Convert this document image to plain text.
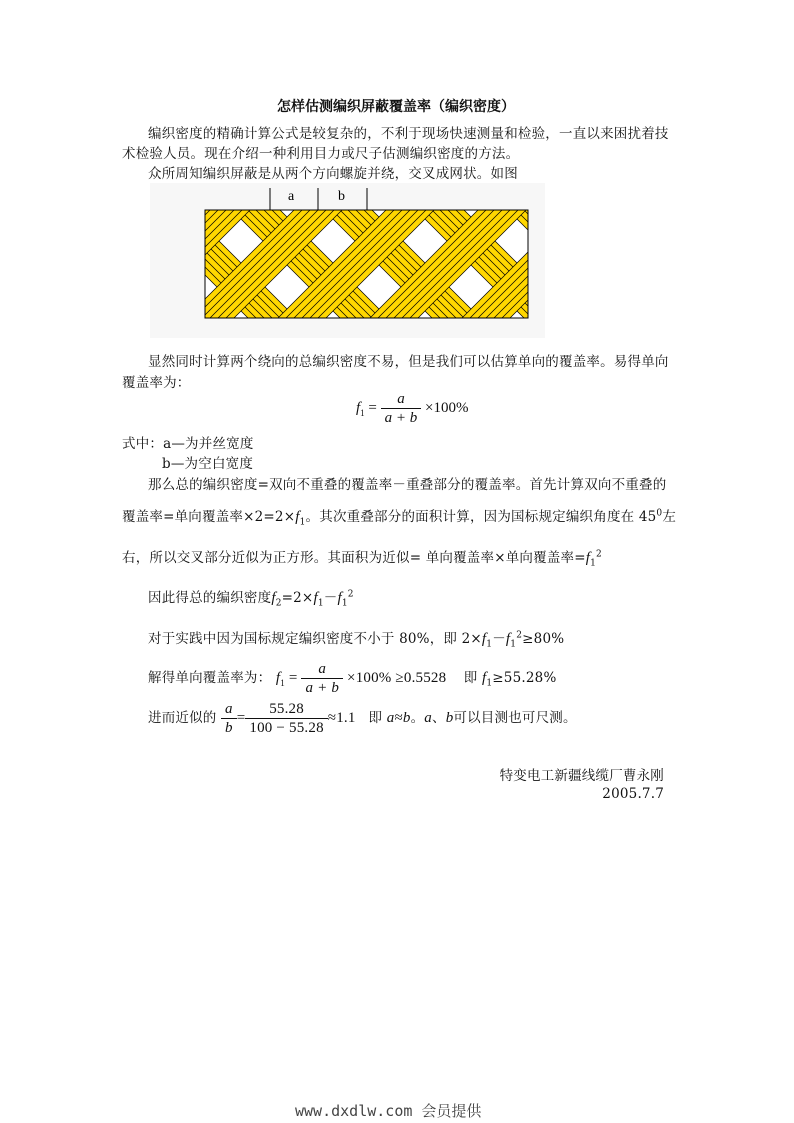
怎样估测编织屏蔽覆盖率（编织密度）
编织密度的精确计算公式是较复杂的，不利于现场快速测量和检验，一直以来困扰着技
术检验人员。现在介绍一种利用目力或尺子估测编织密度的方法。
众所周知编织屏蔽是从两个方向螺旋并绕，交叉成网状。如图
a	b
显然同时计算两个绕向的总编织密度不易，但是我们可以估算单向的覆盖率。易得单向
覆盖率为：
$f_1 = \frac{a}{a + b} \times 100\%$
式中：a—为并丝宽度
b—为空白宽度
那么总的编织密度=双向不重叠的覆盖率－重叠部分的覆盖率。首先计算双向不重叠的
覆盖率=单向覆盖率$\times 2=2\times f_1$。其次重叠部分的面积计算，因为国标规定编织角度在 $45^0$左
右，所以交叉部分近似为正方形。其面积为近似= 单向覆盖率×单向覆盖率$=f_1^2$
因此得总的编织密度$f_2=2\times f_1-f_1^2$
对于实践中因为国标规定编织密度不小于 80%，即 $2\times f_1-f_1^2\ge 80\%$
解得单向覆盖率为： $f_1 = \frac{a}{a + b} \times 100\% \ge 0.5528$ 即 $f_1\ge 55.28\%$
进而近似的 $\frac{a}{b} = \frac{55.28}{100 - 55.28} \approx 1.1$ 即 a≈b。a、b可以目测也可尺测。
特变电工新疆线缆厂曹永刚
2005.7.7
www.dxdlw.com 会员提供
